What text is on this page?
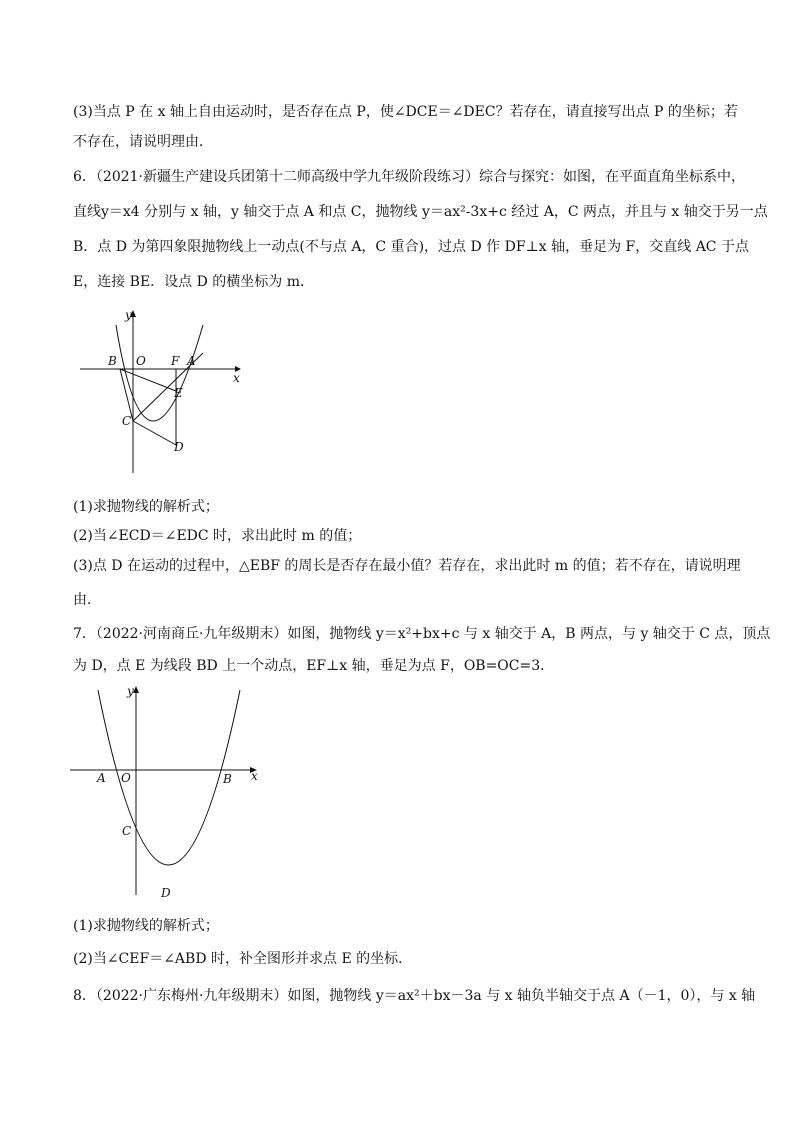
(3)当点 P 在 x 轴上自由运动时，是否存在点 P，使∠DCE＝∠DEC？若存在，请直接写出点 P 的坐标；若
不存在，请说明理由．
6．（2021·新疆生产建设兵团第十二师高级中学九年级阶段练习）综合与探究：如图，在平面直角坐标系中，
直线y＝x4 分别与 x 轴，y 轴交于点 A 和点 C，抛物线 y＝ax²-3x+c 经过 A，C 两点，并且与 x 轴交于另一点
B．点 D 为第四象限抛物线上一动点(不与点 A，C 重合)，过点 D 作 DF⊥x 轴，垂足为 F，交直线 AC 于点
E，连接 BE．设点 D 的横坐标为 m．
y
x
B O F A
E
C
D
(1)求抛物线的解析式；
(2)当∠ECD＝∠EDC 时，求出此时 m 的值；
(3)点 D 在运动的过程中，△EBF 的周长是否存在最小值？若存在，求出此时 m 的值；若不存在，请说明理
由．
7．（2022·河南商丘·九年级期末）如图，抛物线 y＝x²+bx+c 与 x 轴交于 A，B 两点，与 y 轴交于 C 点，顶点
为 D，点 E 为线段 BD 上一个动点，EF⊥x 轴，垂足为点 F，OB=OC=3．
y
x
A O	B
C
D
(1)求抛物线的解析式；
(2)当∠CEF＝∠ABD 时，补全图形并求点 E 的坐标．
8．（2022·广东梅州·九年级期末）如图，抛物线 y＝ax²＋bx－3a 与 x 轴负半轴交于点 A（－1，0），与 x 轴
